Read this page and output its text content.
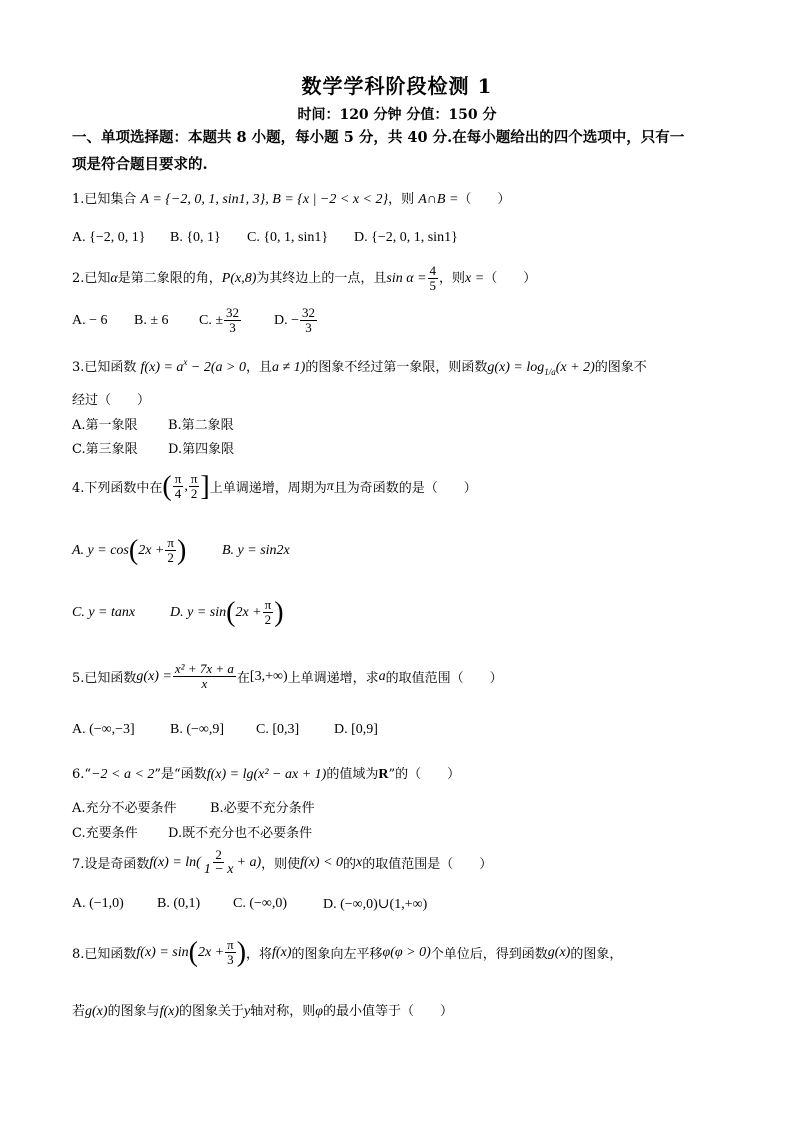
数学学科阶段检测 1
时间：120 分钟 分值：150 分
一、单项选择题：本题共 8 小题，每小题 5 分，共 40 分.在每小题给出的四个选项中，只有一
项是符合题目要求的.
1.已知集合 A = {−2, 0, 1, sin1, 3}, B = {x | −2 < x < 2}，则 A∩B =（　　）
A. {−2, 0, 1}	B. {0, 1}	C. {0, 1, sin1}	D. {−2, 0, 1, sin1}
2.已知α是第二象限的角，P(x,8)为其终边上的一点，且$\sin \alpha = \frac{4}{5}$ ，则x =（　　）
A. − 6	B. ± 6	C. ± $\frac{32}{3} D$. − $\frac{32}{3}$
3.已知函数 $f(x) = a^x - 2(a > 0$，且a ≠ 1)的图象不经过第一象限，则函数$g(x) = \log_{1/a}(x + 2)$的图象不
经过（　　）
A.第一象限	B.第二象限
C.第三象限	D.第四象限
4.下列函数中在 ( $\frac{\pi}{4}$ , $\frac{\pi}{2}$ ] 上单调递增，周期为 π 且为奇函数的是（　　）
A. y = cos ( $2x + \frac{\pi}{2}$ )	B. y = sin2x
C. y = tanx	D. y = sin ( $2x + \frac{\pi}{2}$ )
5.已知函数 $g(x) = \frac{\text{x² + 7x + a}}{x}$ 在 [3,+∞) 上单调递增，求 a 的取值范围（　　）
A. (−∞,−3]	B. (−∞,9]	C. [0,3]	D. [0,9]
6.“−2 < a < 2”是“函数f(x) = lg(x² − ax + 1)的值域为R”的（　　）
A.充分不必要条件	B.必要不充分条件
C.充要条件	D.既不充分也不必要条件
7.设是奇函数 $f(x) = \ln( \frac{2}{1 - x} + a)$ ，则使 f(x) < 0 的 x 的取值范围是（　　）
A. (−1,0)	B. (0,1)	C. (−∞,0)	D. (−∞,0)∪(1,+∞)
8.已知函数 f(x) = sin ( $2x + \frac{\pi}{3}$ ) ，将 f(x) 的图象向左平移 φ(φ > 0) 个单位后，得到函数 g(x) 的图象，
若g(x)的图象与f(x)的图象关于y轴对称，则φ的最小值等于（　　）
